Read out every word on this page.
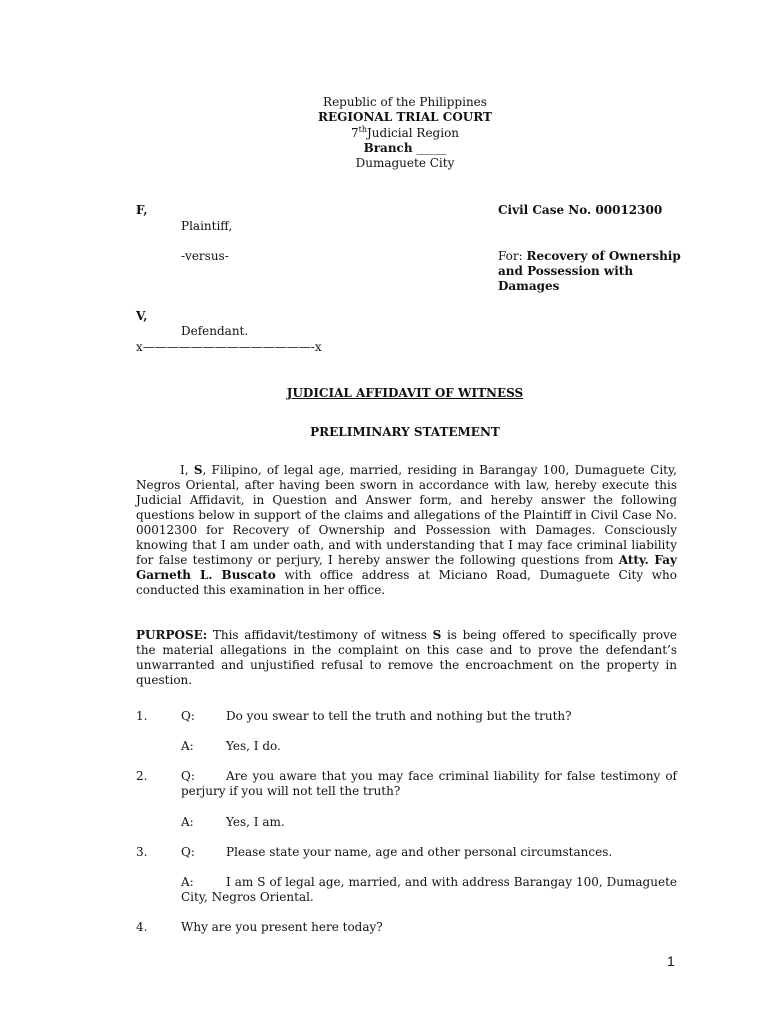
Republic of the Philippines
REGIONAL TRIAL COURT
7thJudicial Region
Branch _____
Dumaguete City
F,
Plaintiff,
-versus-
V,
Defendant.
x——————————————-x
Civil Case No. 00012300
For: Recovery of Ownership
and Possession with
Damages
JUDICIAL AFFIDAVIT OF WITNESS
PRELIMINARY STATEMENT
I, S, Filipino, of legal age, married, residing in Barangay 100, Dumaguete City,
Negros Oriental, after having been sworn in accordance with law, hereby execute this
Judicial Affidavit, in Question and Answer form, and hereby answer the following
questions below in support of the claims and allegations of the Plaintiff in Civil Case No.
00012300 for Recovery of Ownership and Possession with Damages. Consciously
knowing that I am under oath, and with understanding that I may face criminal liability
for false testimony or perjury, I hereby answer the following questions from Atty. Fay
Garneth L. Buscato with office address at Miciano Road, Dumaguete City who
conducted this examination in her office.
PURPOSE: This affidavit/testimony of witness S is being offered to specifically prove
the material allegations in the complaint on this case and to prove the defendant’s
unwarranted and unjustified refusal to remove the encroachment on the property in
question.
1.	Q:	Do you swear to tell the truth and nothing but the truth?
A:	Yes, I do.
2.	Q:	Are you aware that you may face criminal liability for false testimony of
perjury if you will not tell the truth?
A:	Yes, I am.
3.	Q:	Please state your name, age and other personal circumstances.
A:	I am S of legal age, married, and with address Barangay 100, Dumaguete
City, Negros Oriental.
4.	Why are you present here today?
1
